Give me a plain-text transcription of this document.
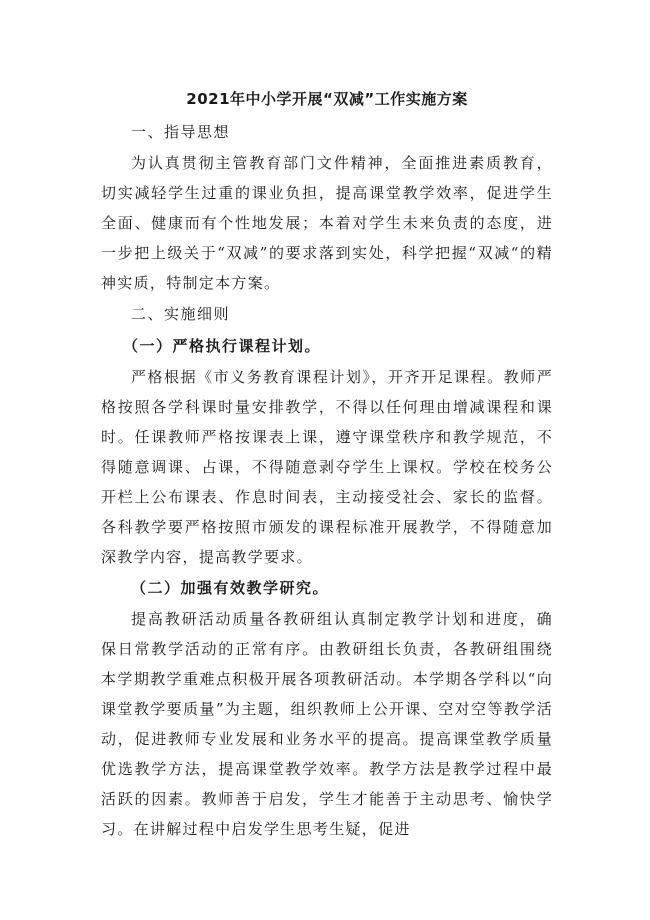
2021年中小学开展“双减”工作实施方案
一、指导思想

为认真贯彻主管教育部门文件精神，全面推进素质教育，切实减轻学生过重的课业负担，提高课堂教学效率，促进学生全面、健康而有个性地发展；本着对学生未来负责的态度，进一步把上级关于“双减”的要求落到实处，科学把握“双减“的精神实质，特制定本方案。

二、实施细则
（一）严格执行课程计划。

严格根据《市义务教育课程计划》，开齐开足课程。教师严格按照各学科课时量安排教学，不得以任何理由增减课程和课时。任课教师严格按课表上课，遵守课堂秩序和教学规范，不得随意调课、占课，不得随意剥夺学生上课权。学校在校务公开栏上公布课表、作息时间表，主动接受社会、家长的监督。各科教学要严格按照市颁发的课程标准开展教学，不得随意加深教学内容，提高教学要求。

（二）加强有效教学研究。

提高教研活动质量各教研组认真制定教学计划和进度，确保日常教学活动的正常有序。由教研组长负责，各教研组围绕本学期教学重难点积极开展各项教研活动。本学期各学科以“向课堂教学要质量”为主题，组织教师上公开课、空对空等教学活动，促进教师专业发展和业务水平的提高。提高课堂教学质量优选教学方法，提高课堂教学效率。教学方法是教学过程中最活跃的因素。教师善于启发，学生才能善于主动思考、愉快学习。在讲解过程中启发学生思考生疑，促进
